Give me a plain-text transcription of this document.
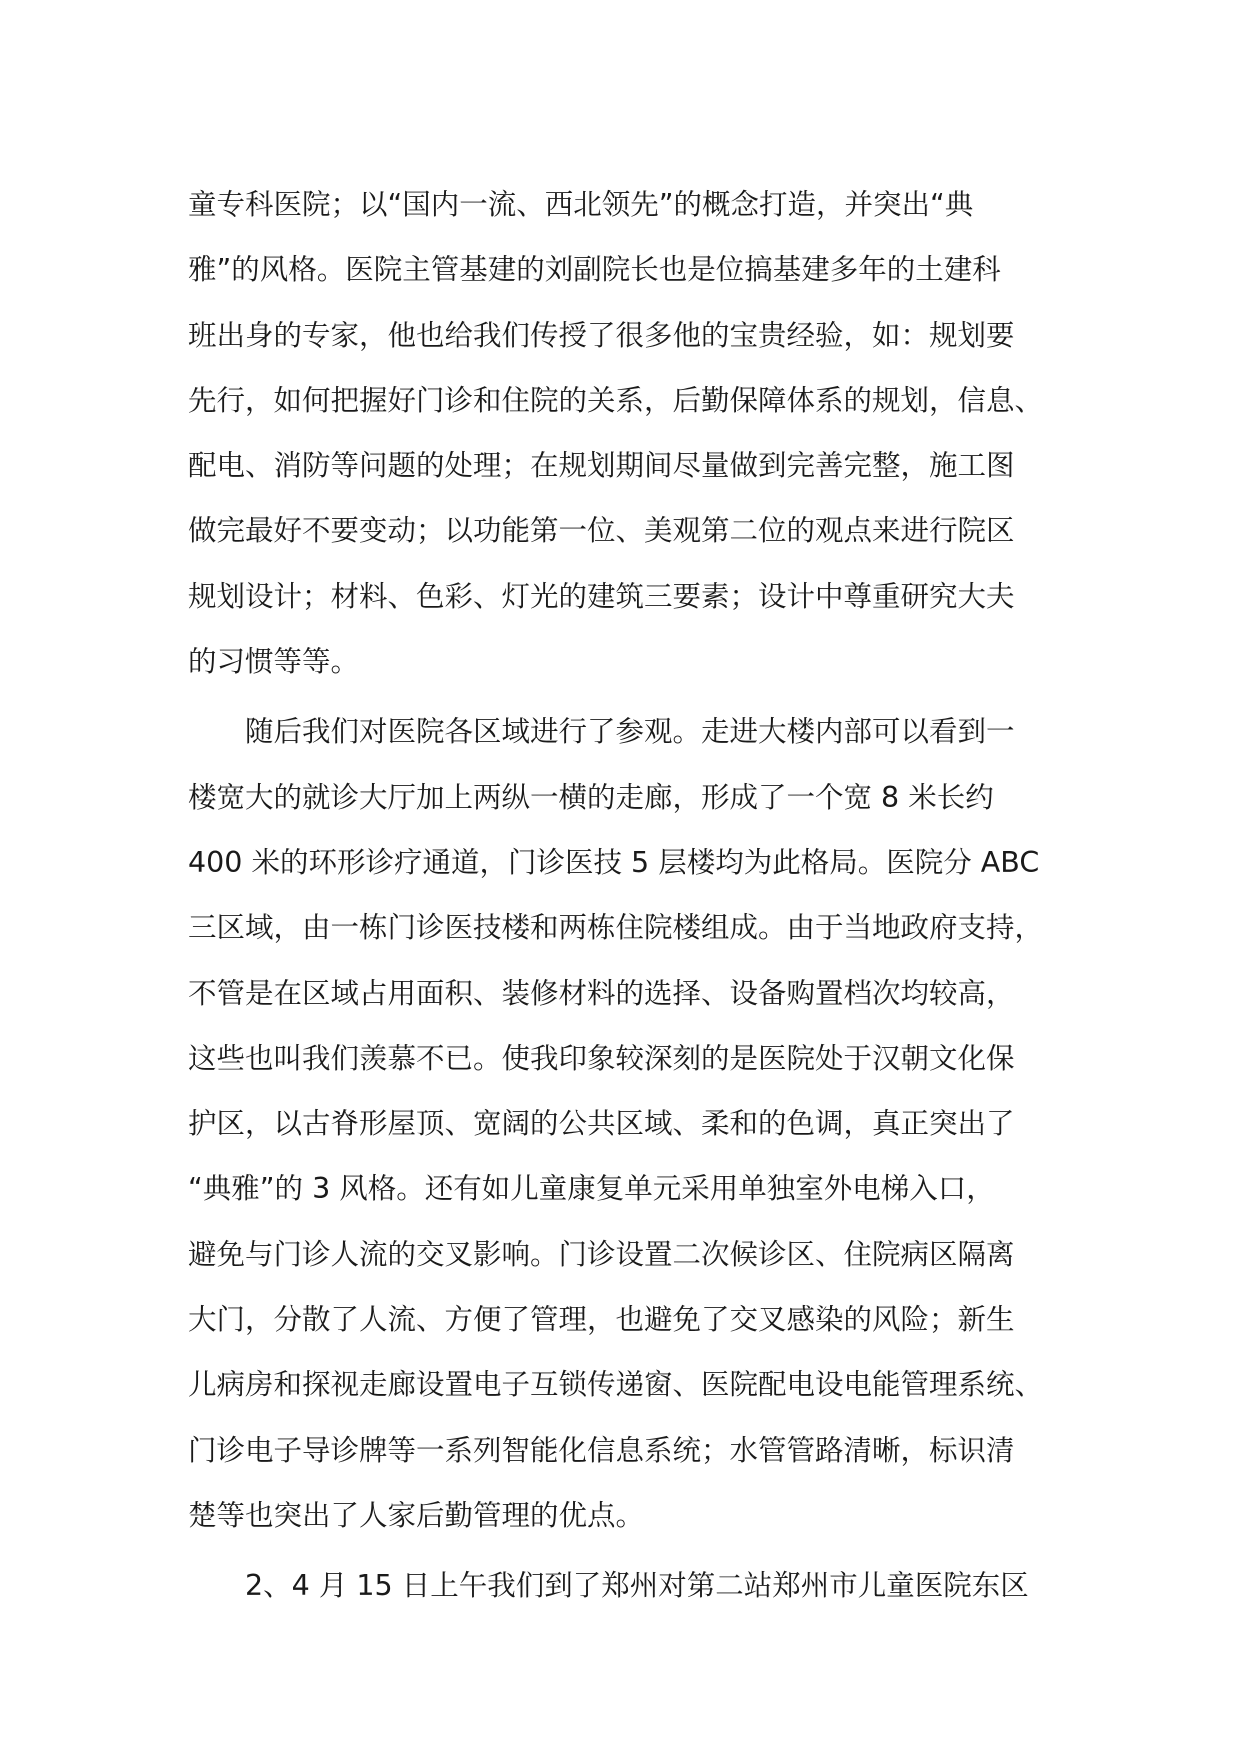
童专科医院；以“国内一流、西北领先”的概念打造，并突出“典
雅”的风格。医院主管基建的刘副院长也是位搞基建多年的土建科
班出身的专家，他也给我们传授了很多他的宝贵经验，如：规划要
先行，如何把握好门诊和住院的关系，后勤保障体系的规划，信息、
配电、消防等问题的处理；在规划期间尽量做到完善完整，施工图
做完最好不要变动；以功能第一位、美观第二位的观点来进行院区
规划设计；材料、色彩、灯光的建筑三要素；设计中尊重研究大夫
的习惯等等。
随后我们对医院各区域进行了参观。走进大楼内部可以看到一
楼宽大的就诊大厅加上两纵一横的走廊，形成了一个宽 8 米长约
400 米的环形诊疗通道，门诊医技 5 层楼均为此格局。医院分 ABC
三区域，由一栋门诊医技楼和两栋住院楼组成。由于当地政府支持，
不管是在区域占用面积、装修材料的选择、设备购置档次均较高，
这些也叫我们羡慕不已。使我印象较深刻的是医院处于汉朝文化保
护区，以古脊形屋顶、宽阔的公共区域、柔和的色调，真正突出了
“典雅”的 3 风格。还有如儿童康复单元采用单独室外电梯入口，
避免与门诊人流的交叉影响。门诊设置二次候诊区、住院病区隔离
大门，分散了人流、方便了管理，也避免了交叉感染的风险；新生
儿病房和探视走廊设置电子互锁传递窗、医院配电设电能管理系统、
门诊电子导诊牌等一系列智能化信息系统；水管管路清晰，标识清
楚等也突出了人家后勤管理的优点。
2、4 月 15 日上午我们到了郑州对第二站郑州市儿童医院东区
